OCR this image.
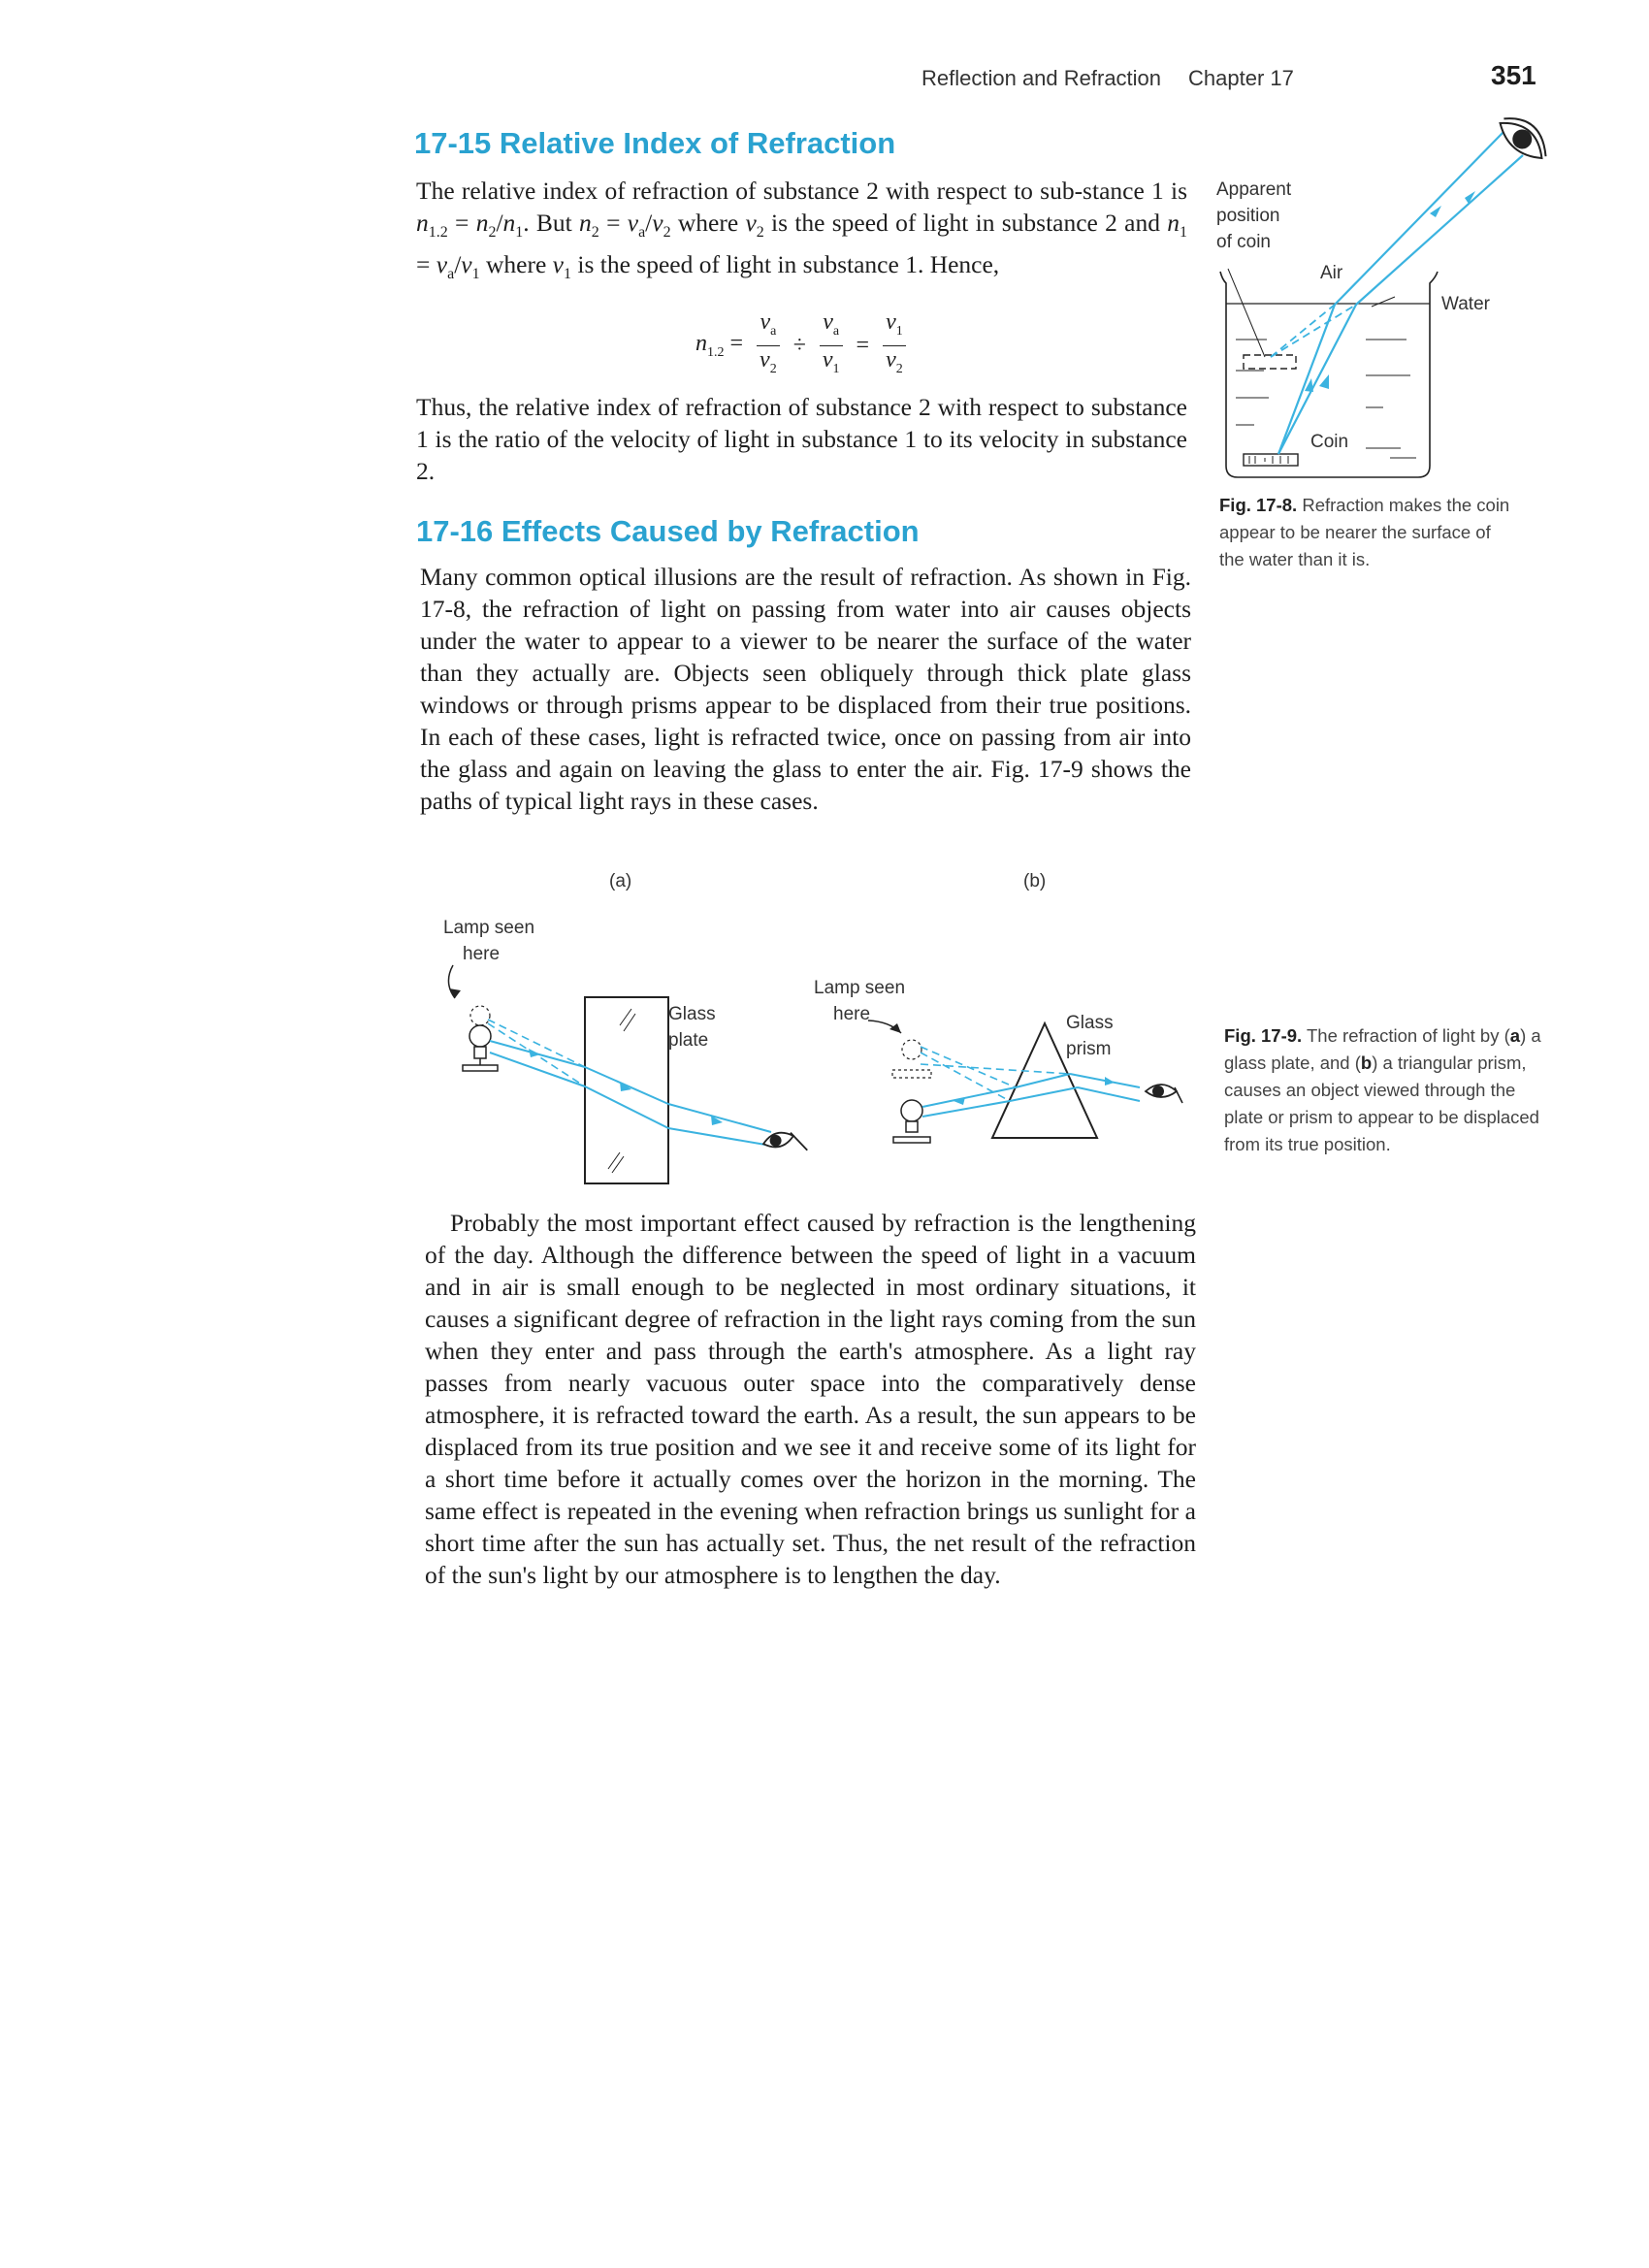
Reflection and Refraction Chapter 17	351
17-15 Relative Index of Refraction

The relative index of refraction of substance 2 with respect to sub-stance 1 is $n_{1.2} = n_2/n_1$. But $n_2 = v_a/v_2$ where $v_2$ is the speed of light in substance 2 and $n_1 = v_a/v_1$ where $v_1$ is the speed of light in substance 1. Hence,

$n_{1.2} = \frac{v_a}{v_2} \div \frac{v_a}{v_1} = \frac{v_1}{v_2}$

Thus, the relative index of refraction of substance 2 with respect to substance 1 is the ratio of the velocity of light in substance 1 to its velocity in substance 2.

17-16 Effects Caused by Refraction

Many common optical illusions are the result of refraction. As shown in Fig. 17-8, the refraction of light on passing from water into air causes objects under the water to appear to a viewer to be nearer the surface of the water than they actually are. Objects seen obliquely through thick plate glass windows or through prisms appear to be displaced from their true positions. In each of these cases, light is refracted twice, once on passing from air into the glass and again on leaving the glass to enter the air. Fig. 17-9 shows the paths of typical light rays in these cases.

Probably the most important effect caused by refraction is the lengthening of the day. Although the difference between the speed of light in a vacuum and in air is small enough to be neglected in most ordinary situations, it causes a significant degree of refraction in the light rays coming from the sun when they enter and pass through the earth's atmosphere. As a light ray passes from nearly vacuous outer space into the comparatively dense atmosphere, it is refracted toward the earth. As a result, the sun appears to be displaced from its true position and we see it and receive some of its light for a short time before it actually comes over the horizon in the morning. The same effect is repeated in the evening when refraction brings us sunlight for a short time after the sun has actually set. Thus, the net result of the refraction of the sun's light by our atmosphere is to lengthen the day.

Apparent
position
of coin
Air
Water
Coin
Fig. 17-8. Refraction makes the coin appear to be nearer the surface of the water than it is.
(a)	(b)
Lamp seen
here
Glass
plate
Lamp seen
here	Glass
prism
Fig. 17-9. The refraction of light by (a) a glass plate, and (b) a triangular prism, causes an object viewed through the plate or prism to appear to be displaced from its true position.
